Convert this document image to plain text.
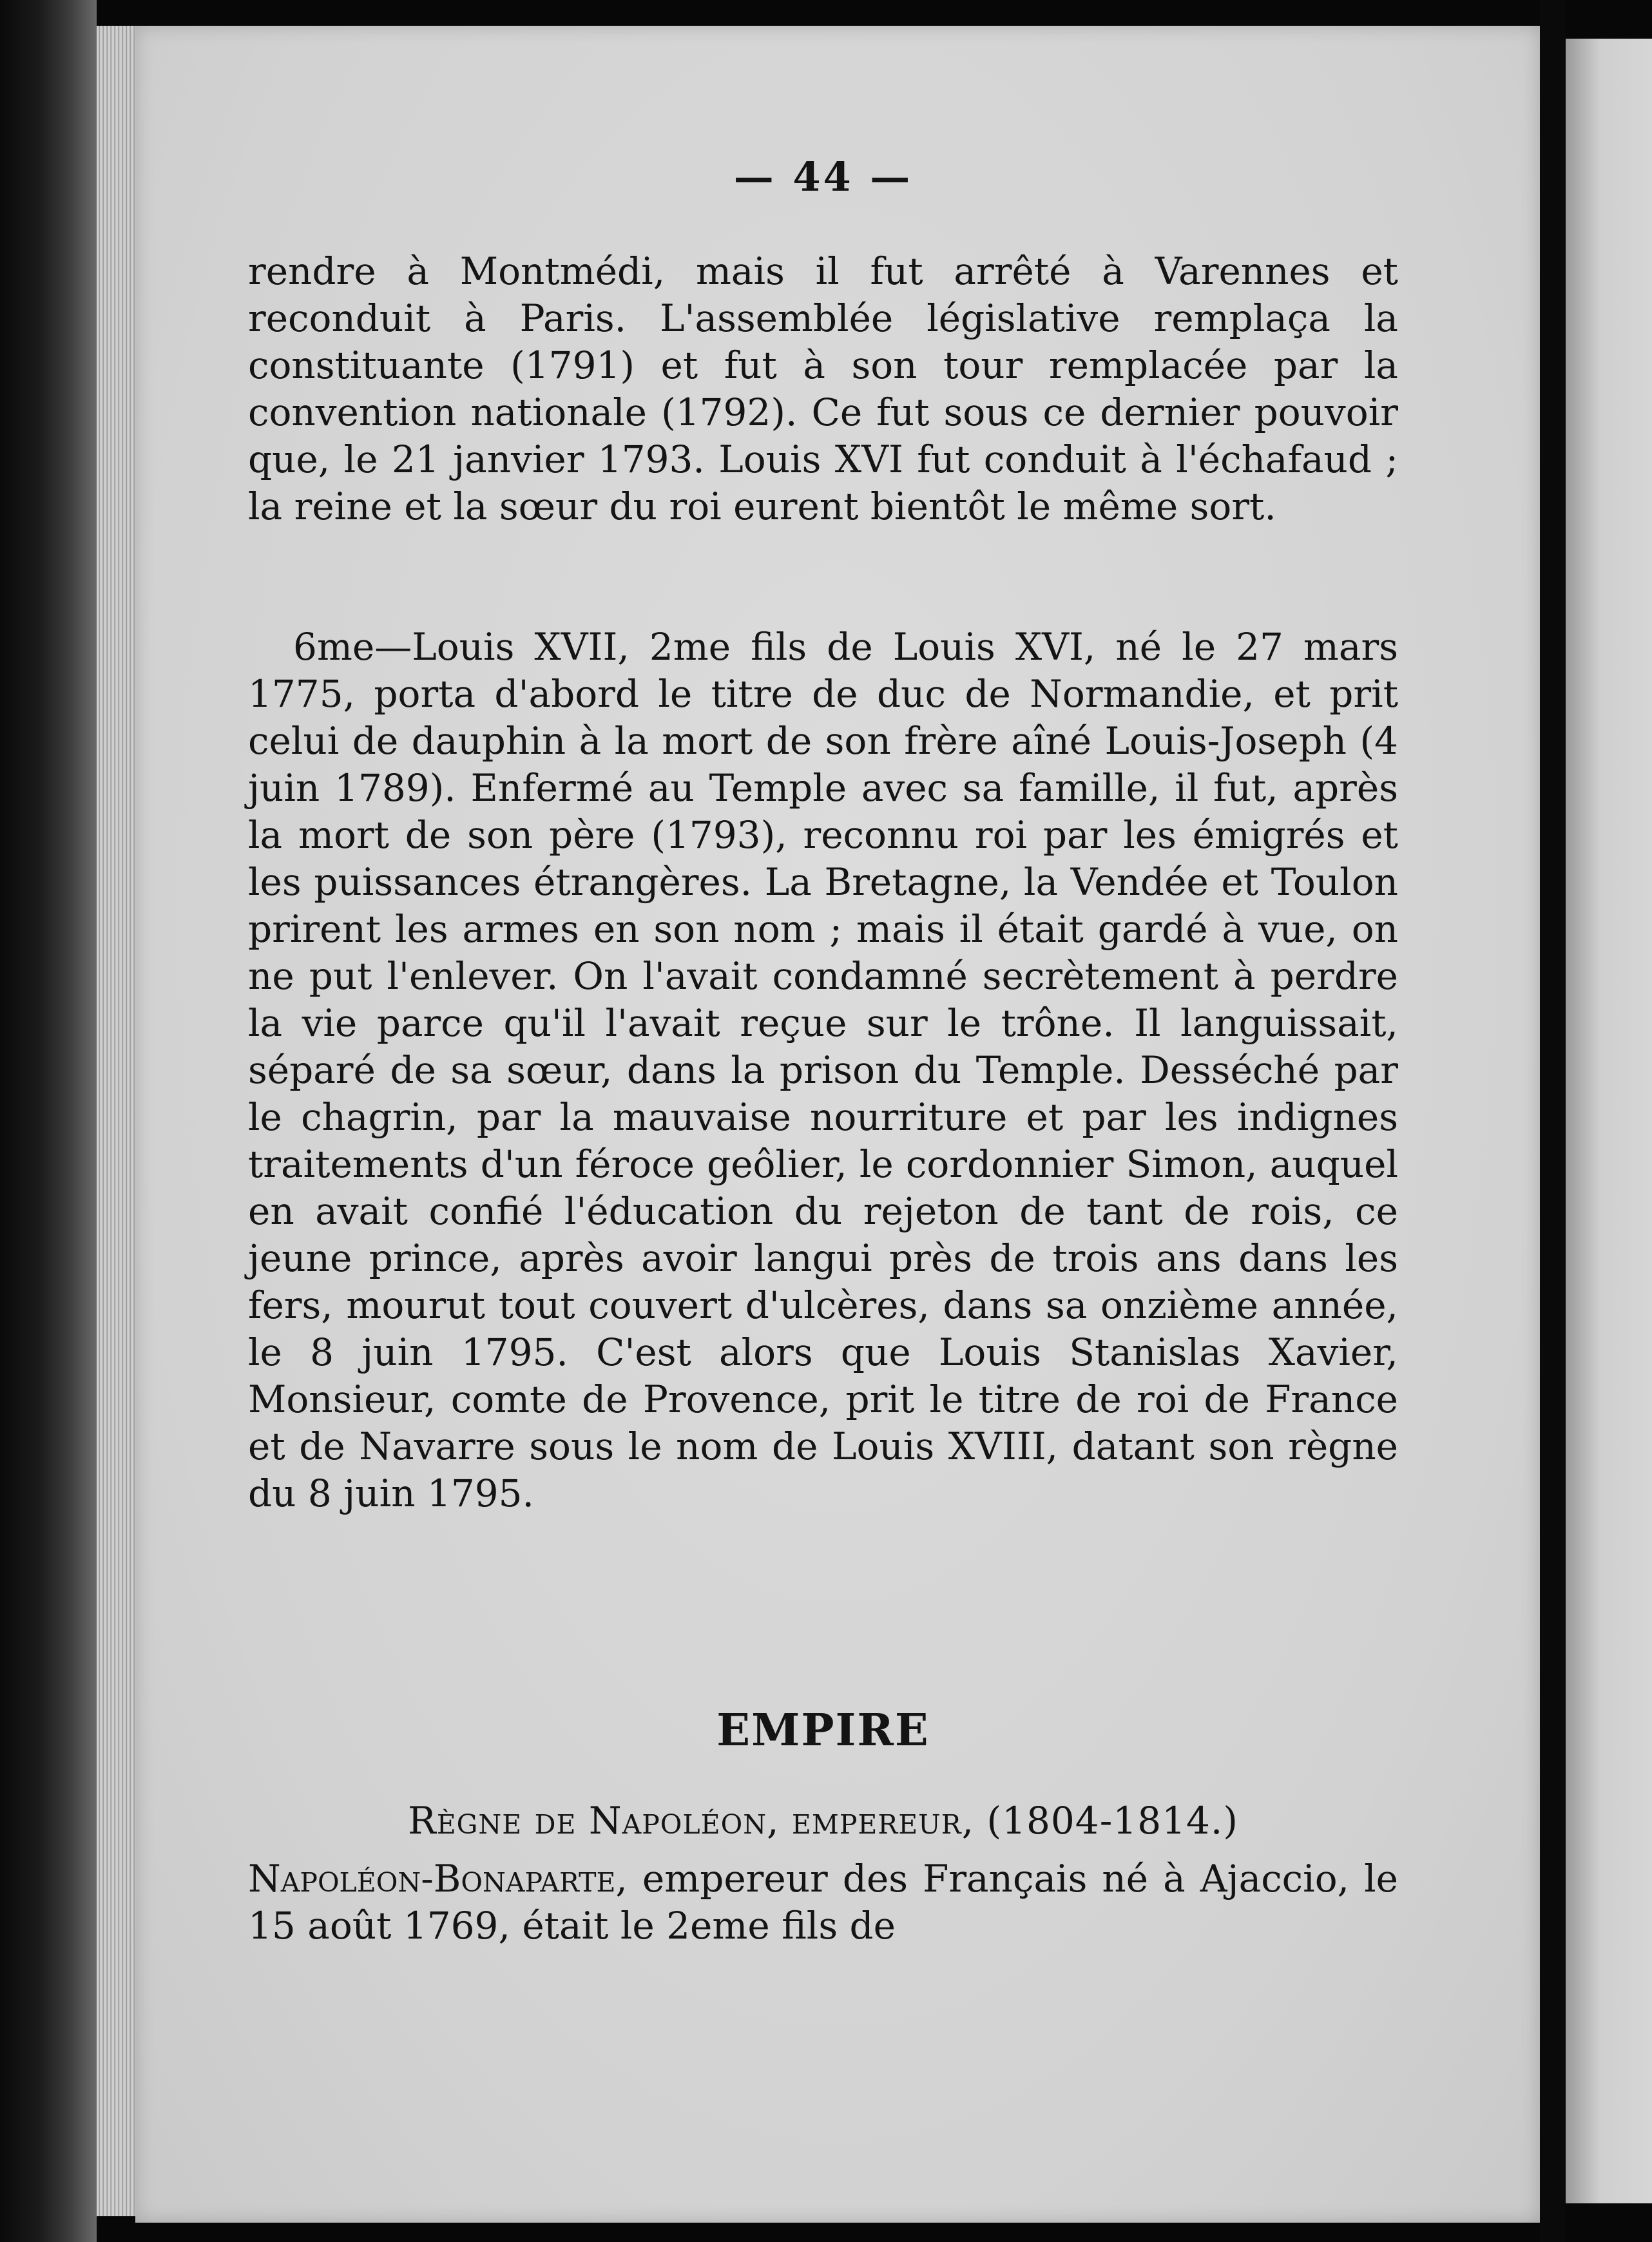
— 44 —

rendre à Montmédi, mais il fut arrêté à Varennes et reconduit à Paris. L'assemblée législative remplaça la constituante (1791) et fut à son tour remplacée par la convention nationale (1792). Ce fut sous ce dernier pouvoir que, le 21 janvier 1793. Louis XVI fut conduit à l'échafaud ; la reine et la sœur du roi eurent bientôt le même sort.

6me—Louis XVII, 2me fils de Louis XVI, né le 27 mars 1775, porta d'abord le titre de duc de Normandie, et prit celui de dauphin à la mort de son frère aîné Louis-Joseph (4 juin 1789). Enfermé au Temple avec sa famille, il fut, après la mort de son père (1793), reconnu roi par les émigrés et les puissances étrangères. La Bretagne, la Vendée et Toulon prirent les armes en son nom ; mais il était gardé à vue, on ne put l'enlever. On l'avait condamné secrètement à perdre la vie parce qu'il l'avait reçue sur le trône. Il languissait, séparé de sa sœur, dans la prison du Temple. Desséché par le chagrin, par la mauvaise nourriture et par les indignes traitements d'un féroce geôlier, le cordonnier Simon, auquel en avait confié l'éducation du rejeton de tant de rois, ce jeune prince, après avoir langui près de trois ans dans les fers, mourut tout couvert d'ulcères, dans sa onzième année, le 8 juin 1795. C'est alors que Louis Stanislas Xavier, Monsieur, comte de Provence, prit le titre de roi de France et de Navarre sous le nom de Louis XVIII, datant son règne du 8 juin 1795.

EMPIRE
Règne de Napoléon, empereur, (1804-1814.)

Napoléon-Bonaparte, empereur des Français né à Ajaccio, le 15 août 1769, était le 2eme fils de
